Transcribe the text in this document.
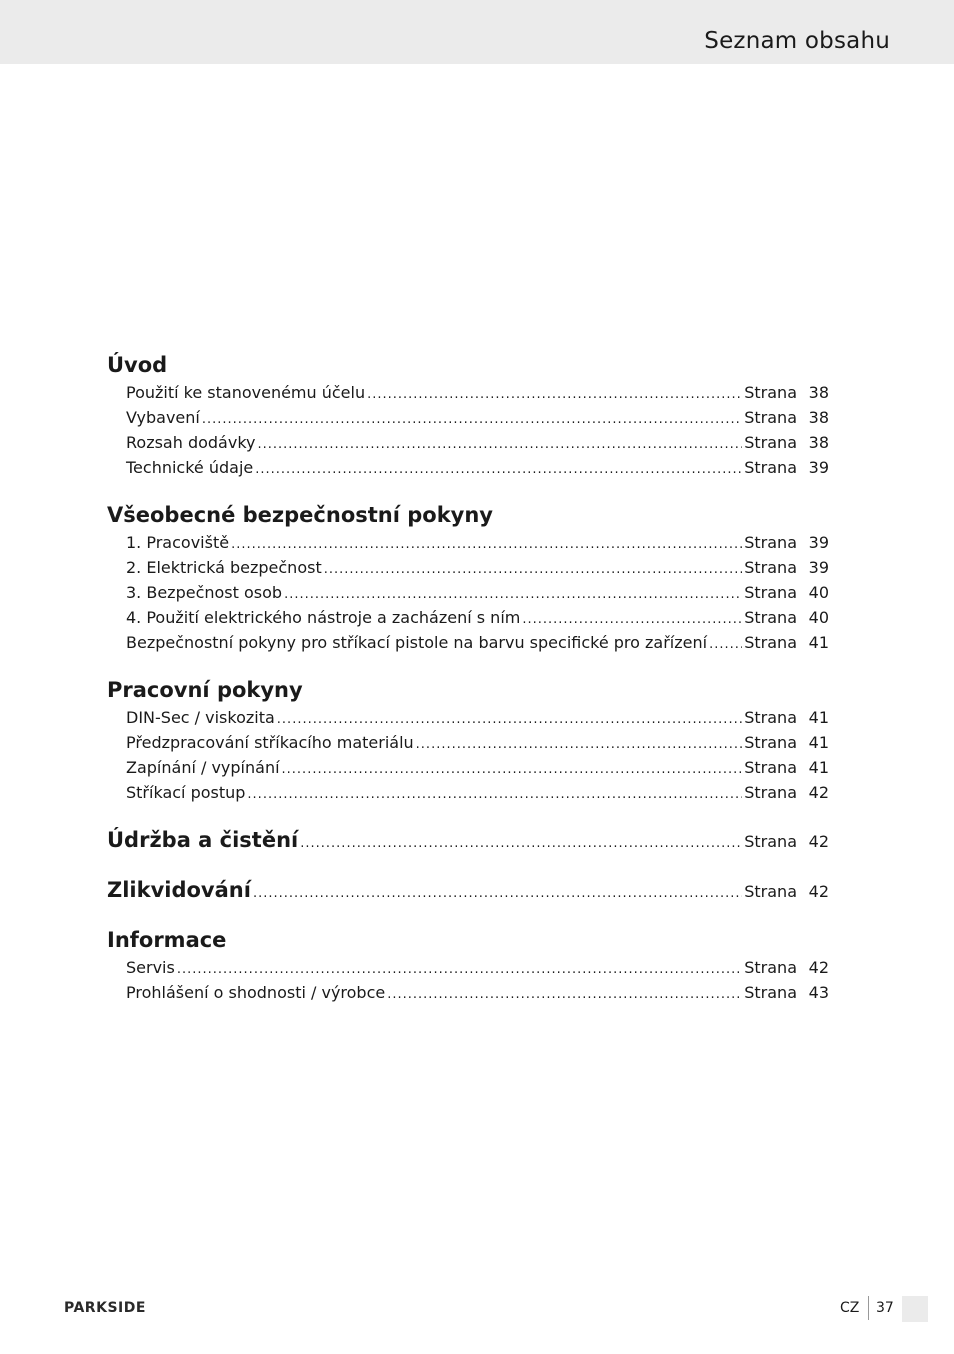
Seznam obsahu
Úvod
Použití ke stanovenému účelu .....	Strana 38
Vybavení .....	Strana 38
Rozsah dodávky .....	Strana 38
Technické údaje .....	Strana 39
Všeobecné bezpečnostní pokyny
1. Pracoviště .....	Strana 39
2. Elektrická bezpečnost .....	Strana 39
3. Bezpečnost osob .....	Strana 40
4. Použití elektrického nástroje a zacházení s ním .....	Strana 40
Bezpečnostní pokyny pro stříkací pistole na barvu specifické pro zařízení ..... Strana 41
Pracovní pokyny
DIN-Sec / viskozita .....	Strana 41
Předzpracování stříkacího materiálu .....	Strana 41
Zapínání / vypínání .....	Strana 41
Stříkací postup .....	Strana 42
Údržba a čistění .....	Strana 42
Zlikvidování .....	Strana 42
Informace
Servis .....	Strana 42
Prohlášení o shodnosti / výrobce .....	Strana 43
PARKSIDE	CZ 37
